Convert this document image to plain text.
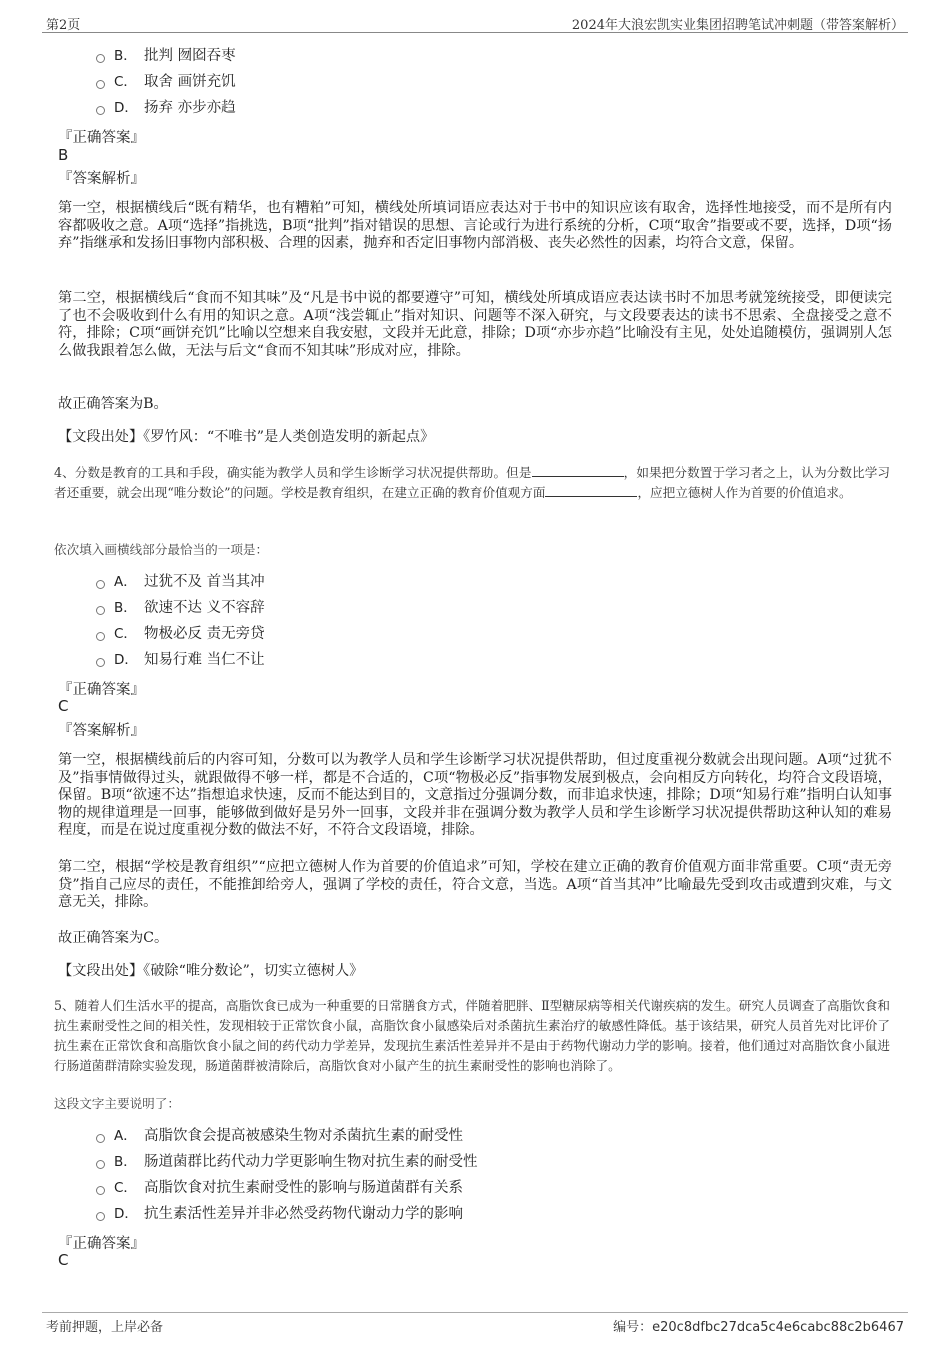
第2页	2024年大浪宏凯实业集团招聘笔试冲刺题（带答案解析）
B． 批判 囫囵吞枣
C． 取舍 画饼充饥
D． 扬弃 亦步亦趋
『正确答案』
B
『答案解析』
第一空，根据横线后“既有精华，也有糟粕”可知，横线处所填词语应表达对于书中的知识应该有取舍，选择性地接受，而不是所有内容都吸收之意。A项“选择”指挑选，B项“批判”指对错误的思想、言论或行为进行系统的分析，C项“取舍”指要或不要，选择，D项“扬弃”指继承和发扬旧事物内部积极、合理的因素，抛弃和否定旧事物内部消极、丧失必然性的因素，均符合文意，保留。
第二空，根据横线后“食而不知其味”及“凡是书中说的都要遵守”可知，横线处所填成语应表达读书时不加思考就笼统接受，即便读完了也不会吸收到什么有用的知识之意。A项“浅尝辄止”指对知识、问题等不深入研究，与文段要表达的读书不思索、全盘接受之意不符，排除；C项“画饼充饥”比喻以空想来自我安慰，文段并无此意，排除；D项“亦步亦趋”比喻没有主见，处处追随模仿，强调别人怎么做我跟着怎么做，无法与后文“食而不知其味”形成对应，排除。
故正确答案为B。
【文段出处】《罗竹风：“不唯书”是人类创造发明的新起点》
4、分数是教育的工具和手段，确实能为教学人员和学生诊断学习状况提供帮助。但是	，如果把分数置于学习者之上，认为分数比学习者还重要，就会出现“唯分数论”的问题。学校是教育组织，在建立正确的教育价值观方面	，应把立德树人作为首要的价值追求。
依次填入画横线部分最恰当的一项是：
A． 过犹不及 首当其冲
B． 欲速不达 义不容辞
C． 物极必反 责无旁贷
D． 知易行难 当仁不让
『正确答案』
C
『答案解析』
第一空，根据横线前后的内容可知，分数可以为教学人员和学生诊断学习状况提供帮助，但过度重视分数就会出现问题。A项“过犹不及”指事情做得过头，就跟做得不够一样，都是不合适的，C项“物极必反”指事物发展到极点，会向相反方向转化，均符合文段语境，保留。B项“欲速不达”指想追求快速，反而不能达到目的，文意指过分强调分数，而非追求快速，排除；D项“知易行难”指明白认知事物的规律道理是一回事，能够做到做好是另外一回事，文段并非在强调分数为教学人员和学生诊断学习状况提供帮助这种认知的难易程度，而是在说过度重视分数的做法不好，不符合文段语境，排除。
第二空，根据“学校是教育组织”“应把立德树人作为首要的价值追求”可知，学校在建立正确的教育价值观方面非常重要。C项“责无旁贷”指自己应尽的责任，不能推卸给旁人，强调了学校的责任，符合文意，当选。A项“首当其冲”比喻最先受到攻击或遭到灾难，与文意无关，排除。
故正确答案为C。
【文段出处】《破除“唯分数论”，切实立德树人》
5、随着人们生活水平的提高，高脂饮食已成为一种重要的日常膳食方式，伴随着肥胖、Ⅱ型糖尿病等相关代谢疾病的发生。研究人员调查了高脂饮食和抗生素耐受性之间的相关性，发现相较于正常饮食小鼠，高脂饮食小鼠感染后对杀菌抗生素治疗的敏感性降低。基于该结果，研究人员首先对比评价了抗生素在正常饮食和高脂饮食小鼠之间的药代动力学差异，发现抗生素活性差异并不是由于药物代谢动力学的影响。接着，他们通过对高脂饮食小鼠进行肠道菌群清除实验发现，肠道菌群被清除后，高脂饮食对小鼠产生的抗生素耐受性的影响也消除了。
这段文字主要说明了：
A． 高脂饮食会提高被感染生物对杀菌抗生素的耐受性
B． 肠道菌群比药代动力学更影响生物对抗生素的耐受性
C． 高脂饮食对抗生素耐受性的影响与肠道菌群有关系
D． 抗生素活性差异并非必然受药物代谢动力学的影响
『正确答案』
C
考前押题，上岸必备	编号：e20c8dfbc27dca5c4e6cabc88c2b6467
